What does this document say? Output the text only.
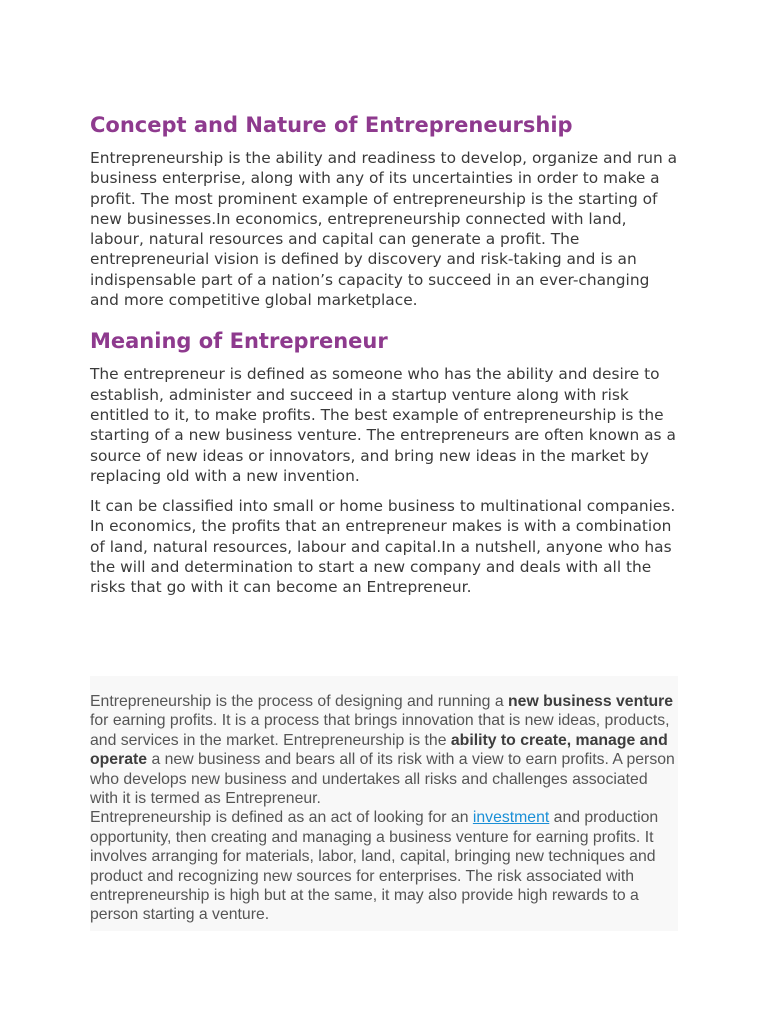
Concept and Nature of Entrepreneurship

Entrepreneurship is the ability and readiness to develop, organize and run a business enterprise, along with any of its uncertainties in order to make a profit. The most prominent example of entrepreneurship is the starting of new businesses.In economics, entrepreneurship connected with land, labour, natural resources and capital can generate a profit. The entrepreneurial vision is defined by discovery and risk-taking and is an indispensable part of a nation’s capacity to succeed in an ever-changing and more competitive global marketplace.

Meaning of Entrepreneur

The entrepreneur is defined as someone who has the ability and desire to establish, administer and succeed in a startup venture along with risk entitled to it, to make profits. The best example of entrepreneurship is the starting of a new business venture. The entrepreneurs are often known as a source of new ideas or innovators, and bring new ideas in the market by replacing old with a new invention.

It can be classified into small or home business to multinational companies. In economics, the profits that an entrepreneur makes is with a combination of land, natural resources, labour and capital.In a nutshell, anyone who has the will and determination to start a new company and deals with all the risks that go with it can become an Entrepreneur.

Entrepreneurship is the process of designing and running a new business venture for earning profits. It is a process that brings innovation that is new ideas, products, and services in the market. Entrepreneurship is the ability to create, manage and operate a new business and bears all of its risk with a view to earn profits. A person who develops new business and undertakes all risks and challenges associated with it is termed as Entrepreneur.

Entrepreneurship is defined as an act of looking for an investment and production opportunity, then creating and managing a business venture for earning profits. It involves arranging for materials, labor, land, capital, bringing new techniques and product and recognizing new sources for enterprises. The risk associated with entrepreneurship is high but at the same, it may also provide high rewards to a person starting a venture.
